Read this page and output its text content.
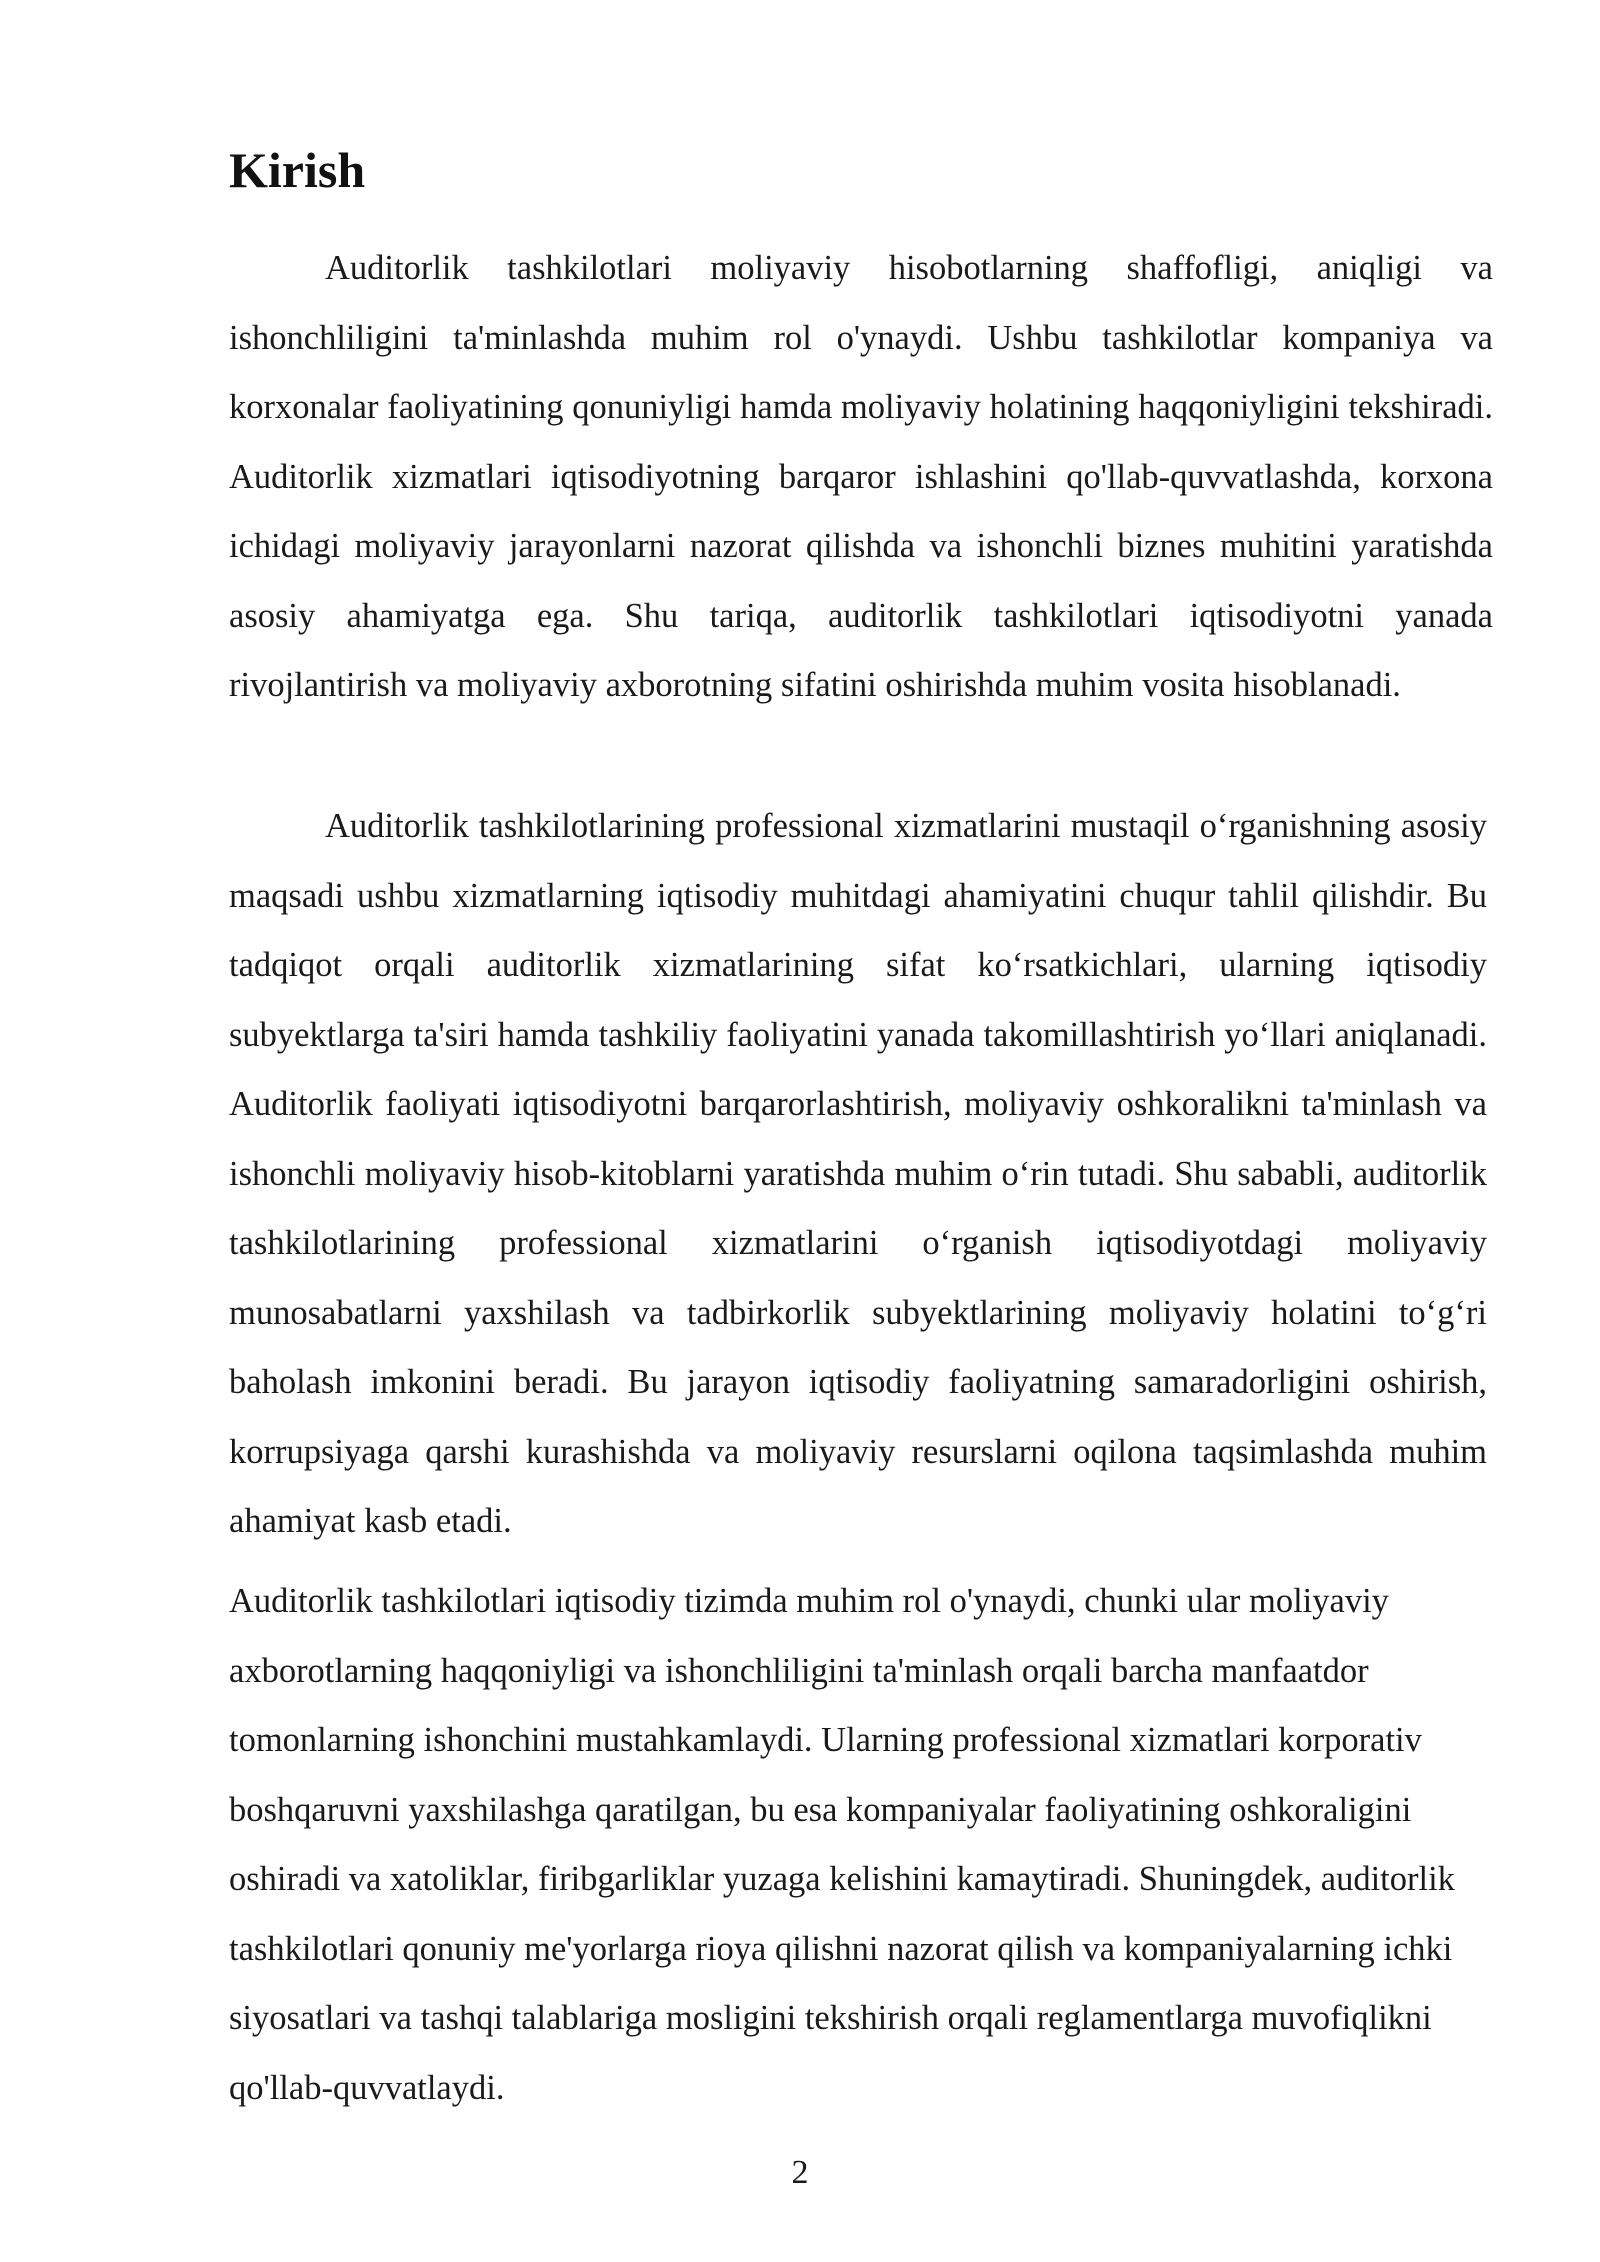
Kirish

Auditorlik tashkilotlari moliyaviy hisobotlarning shaffofligi, aniqligi va ishonchliligini ta'minlashda muhim rol o'ynaydi. Ushbu tashkilotlar kompaniya va korxonalar faoliyatining qonuniyligi hamda moliyaviy holatining haqqoniyligini tekshiradi. Auditorlik xizmatlari iqtisodiyotning barqaror ishlashini qo'llab-quvvatlashda, korxona ichidagi moliyaviy jarayonlarni nazorat qilishda va ishonchli biznes muhitini yaratishda asosiy ahamiyatga ega. Shu tariqa, auditorlik tashkilotlari iqtisodiyotni yanada rivojlantirish va moliyaviy axborotning sifatini oshirishda muhim vosita hisoblanadi.

Auditorlik tashkilotlarining professional xizmatlarini mustaqil o‘rganishning asosiy maqsadi ushbu xizmatlarning iqtisodiy muhitdagi ahamiyatini chuqur tahlil qilishdir. Bu tadqiqot orqali auditorlik xizmatlarining sifat ko‘rsatkichlari, ularning iqtisodiy subyektlarga ta'siri hamda tashkiliy faoliyatini yanada takomillashtirish yo‘llari aniqlanadi. Auditorlik faoliyati iqtisodiyotni barqarorlashtirish, moliyaviy oshkoralikni ta'minlash va ishonchli moliyaviy hisob-kitoblarni yaratishda muhim o‘rin tutadi. Shu sababli, auditorlik tashkilotlarining professional xizmatlarini o‘rganish iqtisodiyotdagi moliyaviy munosabatlarni yaxshilash va tadbirkorlik subyektlarining moliyaviy holatini to‘g‘ri baholash imkonini beradi. Bu jarayon iqtisodiy faoliyatning samaradorligini oshirish, korrupsiyaga qarshi kurashishda va moliyaviy resurslarni oqilona taqsimlashda muhim ahamiyat kasb etadi.

Auditorlik tashkilotlari iqtisodiy tizimda muhim rol o'ynaydi, chunki ular moliyaviy axborotlarning haqqoniyligi va ishonchliligini ta'minlash orqali barcha manfaatdor tomonlarning ishonchini mustahkamlaydi. Ularning professional xizmatlari korporativ boshqaruvni yaxshilashga qaratilgan, bu esa kompaniyalar faoliyatining oshkoraligini oshiradi va xatoliklar, firibgarliklar yuzaga kelishini kamaytiradi. Shuningdek, auditorlik tashkilotlari qonuniy me'yorlarga rioya qilishni nazorat qilish va kompaniyalarning ichki siyosatlari va tashqi talablariga mosligini tekshirish orqali reglamentlarga muvofiqlikni qo'llab-quvvatlaydi.

2
